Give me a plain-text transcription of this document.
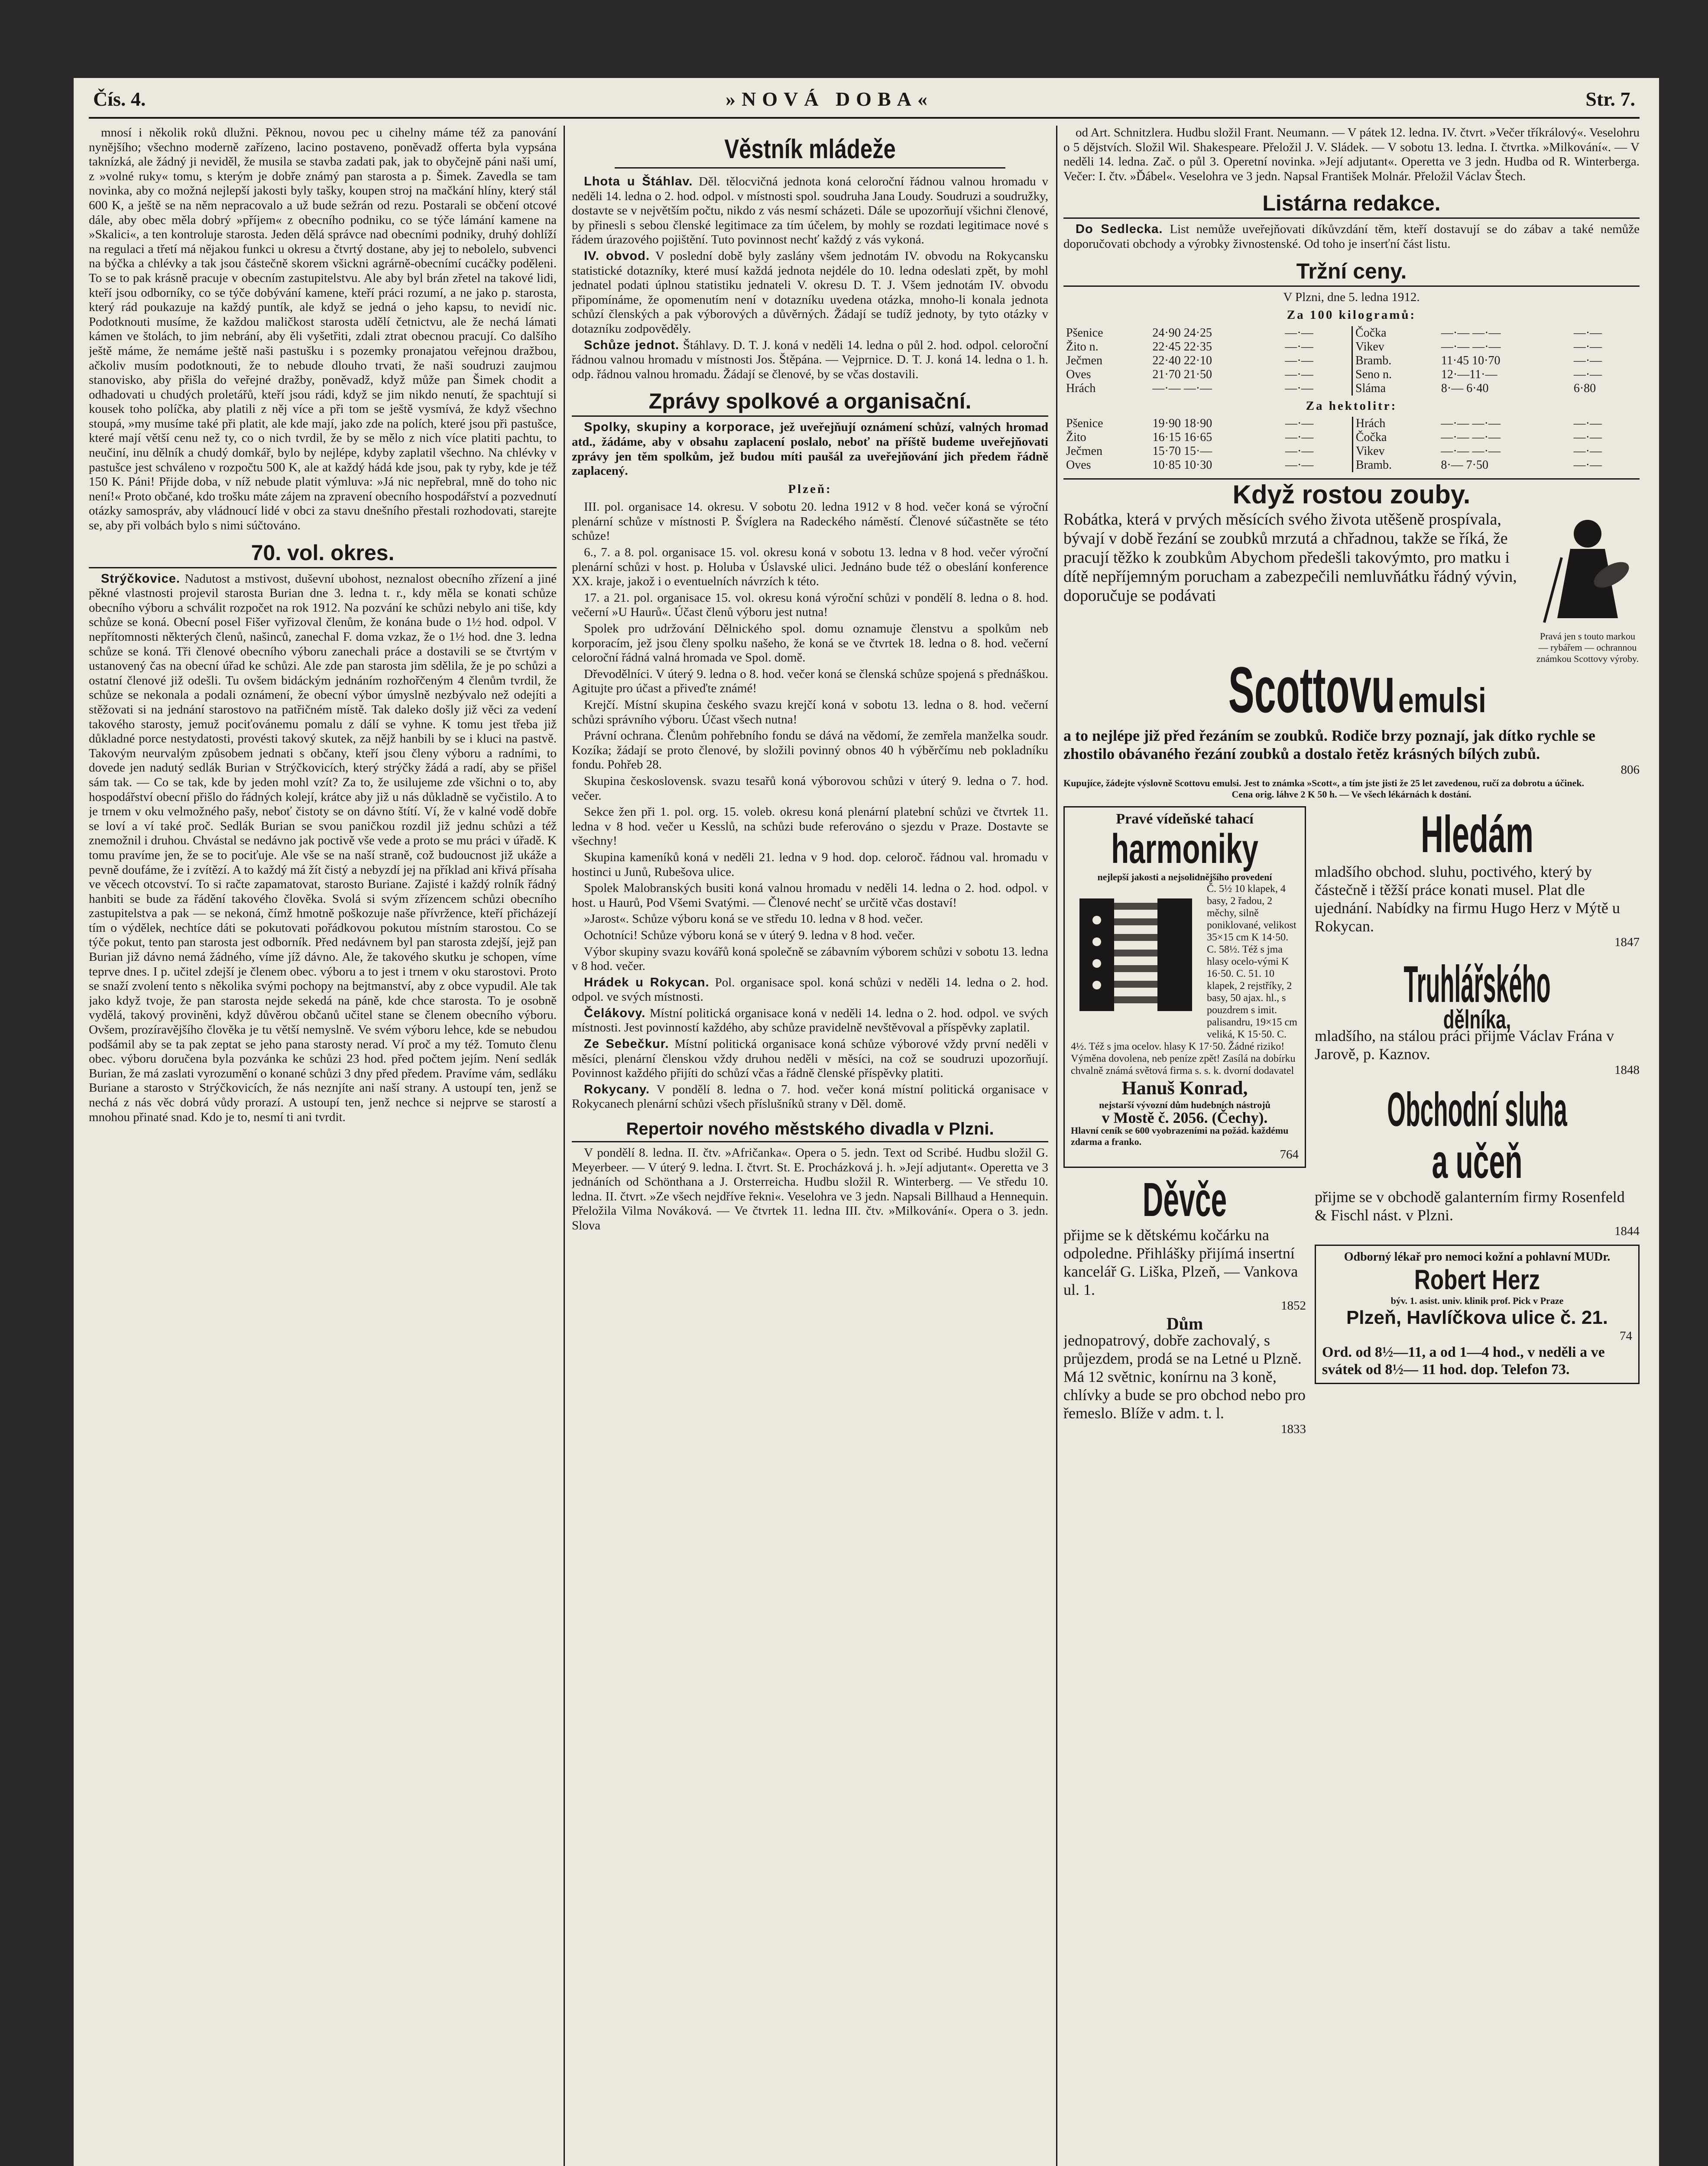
Čís. 4.	»NOVÁ DOBA«	Str. 7.

mnosí i několik roků dlužni. Pěknou, novou pec u cihelny máme též za panování nynějšího; všechno moderně zařízeno, lacino postaveno, poněvadž offerta byla vypsána taknízká, ale žádný ji neviděl, že musila se stavba zadati pak, jak to obyčejně páni naši umí, z »volné ruky« tomu, s kterým je dobře známý pan starosta a p. Šimek. Zavedla se tam novinka, aby co možná nejlepší jakosti byly tašky, koupen stroj na mačkání hlíny, který stál 600 K, a ještě se na něm nepracovalo a už bude sežrán od rezu. Postarali se občení otcové dále, aby obec měla dobrý »příjem« z obecního podniku, co se týče lámání kamene na »Skalici«, a ten kontroluje starosta. Jeden dělá správce nad obecními podniky, druhý dohlíží na regulaci a třetí má nějakou funkci u okresu a čtvrtý dostane, aby jej to nebolelo, subvenci na býčka a chlévky a tak jsou částečně skorem všickni agrárně-obecnímí cucáčky poděleni. To se to pak krásně pracuje v obecním zastupitelstvu. Ale aby byl brán zřetel na takové lidi, kteří jsou odborníky, co se týče dobývání kamene, kteří práci rozumí, a ne jako p. starosta, který rád poukazuje na každý puntík, ale když se jedná o jeho kapsu, to nevidí nic. Podotknouti musíme, že každou maličkost starosta udělí četnictvu, ale že nechá lámati kámen ve štolách, to jim nebrání, aby ěli vyšetřiti, zdali ztrat obecnou pracují. Co dalšího ještě máme, že nemáme ještě naši pastušku i s pozemky pronajatou veřejnou dražbou, ačkoliv musím podotknouti, že to nebude dlouho trvati, že naši soudruzi zaujmou stanovisko, aby přišla do veřejné dražby, poněvadž, když může pan Šimek chodit a odhadovati u chudých proletářů, kteří jsou rádi, když se jim nikdo nenutí, že spachtují si kousek toho políčka, aby platili z něj více a při tom se ještě vysmívá, že když všechno stoupá, »my musíme také při platit, ale kde mají, jako zde na polích, které jsou při pastušce, které mají větší cenu než ty, co o nich tvrdil, že by se mělo z nich více platiti pachtu, to neučiní, inu dělník a chudý domkář, bylo by nejlépe, kdyby zaplatil všechno. Na chlévky v pastušce jest schváleno v rozpočtu 500 K, ale at každý hádá kde jsou, pak ty ryby, kde je též 150 K. Páni! Přijde doba, v níž nebude platit výmluva: »Já nic nepřebral, mně do toho nic není!« Proto občané, kdo trošku máte zájem na zpravení obecního hospodářství a pozvednutí otázky samospráv, aby vládnoucí lidé v obci za stavu dnešního přestali rozhodovati, starejte se, aby při volbách bylo s nimi súčtováno.

70. vol. okres.

Strýčkovice. Nadutost a mstivost, duševní ubohost, neznalost obecního zřízení a jiné pěkné vlastnosti projevil starosta Burian dne 3. ledna t. r., kdy měla se konati schůze obecního výboru a schválit rozpočet na rok 1912. Na pozvání ke schůzi nebylo ani tiše, kdy schůze se koná. Obecní posel Fišer vyřizoval členům, že konána bude o 1½ hod. odpol. V nepřítomnosti některých členů, našinců, zanechal F. doma vzkaz, že o 1½ hod. dne 3. ledna schůze se koná. Tři členové obecního výboru zanechali práce a dostavili se se čtvrtým v ustanovený čas na obecní úřad ke schůzi. Ale zde pan starosta jim sdělila, že je po schůzi a ostatní členové již odešli. Tu ovšem bidáckým jednáním rozhořčeným 4 členům tvrdil, že schůze se nekonala a podali oznámení, že obecní výbor úmyslně nezbývalo než odejíti a stěžovati si na jednání starostovo na patřičném místě. Tak daleko došly již věci za vedení takového starosty, jemuž pociťovánemu pomalu z dálí se vyhne. K tomu jest třeba již důkladné porce nestydatosti, provésti takový skutek, za nějž hanbili by se i kluci na pastvě. Takovým neurvalým způsobem jednati s občany, kteří jsou členy výboru a radními, to dovede jen nadutý sedlák Burian v Strýčkovicích, který strýčky žádá a radí, aby se přišel sám tak. — Co se tak, kde by jeden mohl vzít? Za to, že usilujeme zde všichni o to, aby hospodářství obecní přišlo do řádných kolejí, krátce aby již u nás důkladně se vyčistilo. A to je trnem v oku velmožného pašy, neboť čistoty se on dávno štítí. Ví, že v kalné vodě dobře se loví a ví také proč. Sedlák Burian se svou paničkou rozdil již jednu schůzi a též znemožnil i druhou. Chvástal se nedávno jak poctivě vše vede a proto se mu práci v úřadě. K tomu pravíme jen, že se to pociťuje. Ale vše se na naší straně, což budoucnost již ukáže a pevně doufáme, že i zvítězí. A to každý má žít čistý a nebyzdí jej na příklad ani křivá přísaha ve věcech otcovství. To si račte zapamatovat, starosto Buriane. Zajisté i každý rolník řádný hanbiti se bude za řádění takového člověka. Svolá si svým zřízencem schůzi obecního zastupitelstva a pak — se nekoná, čímž hmotně poškozuje naše přívržence, kteří přicházejí tím o výdělek, nechtíce dáti se pokutovati pořádkovou pokutou místním starostou. Co se týče pokut, tento pan starosta jest odborník. Před nedávnem byl pan starosta zdejší, jejž pan Burian již dávno nemá žádného, víme jíž dávno. Ale, že takového skutku je schopen, víme teprve dnes. I p. učitel zdejší je členem obec. výboru a to jest i trnem v oku starostovi. Proto se snaží zvolení tento s několika svými pochopy na bejtmanství, aby z obce vypudil. Ale tak jako když tvoje, že pan starosta nejde sekedá na páně, kde chce starosta. To je osobně vydělá, takový proviněni, když důvěrou občanů učitel stane se členem obecního výboru. Ovšem, prozíravějšího člověka je tu větší nemyslně. Ve svém výboru lehce, kde se nebudou podšámil aby se ta pak zeptat se jeho pana starosty nerad. Ví proč a my též. Tomuto členu obec. výboru doručena byla pozvánka ke schůzi 23 hod. před počtem jejím. Není sedlák Burian, že má zaslati vyrozumění o konané schůzi 3 dny před předem. Pravíme vám, sedláku Buriane a starosto v Strýčkovicích, že nás neznjíte ani naší strany. A ustoupí ten, jenž se nechá z nás věc dobrá vůdy prorazí. A ustoupí ten, jenž nechce si nejprve se starostí a mnohou přinaté snad. Kdo je to, nesmí ti ani tvrdit.

Věstník mládeže

Lhota u Štáhlav. Děl. tělocvičná jednota koná celoroční řádnou valnou hromadu v neděli 14. ledna o 2. hod. odpol. v místnosti spol. soudruha Jana Loudy. Soudruzi a soudružky, dostavte se v největším počtu, nikdo z vás nesmí scházeti. Dále se upozorňují všichni členové, by přinesli s sebou členské legitimace za tím účelem, by mohly se rozdati legitimace nové s řádem úrazového pojištění. Tuto povinnost nechť každý z vás vykoná.

IV. obvod. V poslední době byly zaslány všem jednotám IV. obvodu na Rokycansku statistické dotazníky, které musí každá jednota nejdéle do 10. ledna odeslati zpět, by mohl jednatel podati úplnou statistiku jednateli V. okresu D. T. J. Všem jednotám IV. obvodu připomínáme, že opomenutím není v dotazníku uvedena otázka, mnoho-li konala jednota schůzí členských a pak výborových a důvěrných. Žádají se tudíž jednoty, by tyto otázky v dotazníku zodpověděly.

Schůze jednot. Štáhlavy. D. T. J. koná v neděli 14. ledna o půl 2. hod. odpol. celoroční řádnou valnou hromadu v místnosti Jos. Štěpána. — Vejprnice. D. T. J. koná 14. ledna o 1. h. odp. řádnou valnou hromadu. Žádají se členové, by se včas dostavili.

Zprávy spolkové a organisační.

Spolky, skupiny a korporace, jež uveřejňují oznámení schůzí, valných hromad atd., žádáme, aby v obsahu zaplacení poslalo, neboť na příště budeme uveřejňovati zprávy jen těm spolkům, jež budou míti paušál za uveřejňování jich předem řádně zaplacený.

Plzeň:

III. pol. organisace 14. okresu. V sobotu 20. ledna 1912 v 8 hod. večer koná se výroční plenární schůze v místnosti P. Švíglera na Radeckého náměstí. Členové súčastněte se této schůze!

6., 7. a 8. pol. organisace 15. vol. okresu koná v sobotu 13. ledna v 8 hod. večer výroční plenární schůzi v host. p. Holuba v Úslavské ulici. Jednáno bude též o obeslání konference XX. kraje, jakož i o eventuelních návrzích k této.

17. a 21. pol. organisace 15. vol. okresu koná výroční schůzi v pondělí 8. ledna o 8. hod. večerní »U Haurů«. Účast členů výboru jest nutna!

Spolek pro udržování Dělnického spol. domu oznamuje členstvu a spolkům neb korporacím, jež jsou členy spolku našeho, že koná se ve čtvrtek 18. ledna o 8. hod. večerní celoroční řádná valná hromada ve Spol. domě.

Dřevodělníci. V úterý 9. ledna o 8. hod. večer koná se členská schůze spojená s přednáškou. Agitujte pro účast a přiveďte známé!

Krejčí. Místní skupina českého svazu krejčí koná v sobotu 13. ledna o 8. hod. večerní schůzi správního výboru. Účast všech nutna!

Právní ochrana. Členům pohřebního fondu se dává na vědomí, že zemřela manželka soudr. Kozíka; žádají se proto členové, by složili povinný obnos 40 h výběrčímu neb pokladníku fondu. Pohřeb 28.

Skupina československ. svazu tesařů koná výborovou schůzi v úterý 9. ledna o 7. hod. večer.

Sekce žen při 1. pol. org. 15. voleb. okresu koná plenární platební schůzi ve čtvrtek 11. ledna v 8 hod. večer u Kesslů, na schůzi bude referováno o sjezdu v Praze. Dostavte se všechny!

Skupina kameníků koná v neděli 21. ledna v 9 hod. dop. celoroč. řádnou val. hromadu v hostinci u Junů, Rubešova ulice.

Spolek Malobranských busiti koná valnou hromadu v neděli 14. ledna o 2. hod. odpol. v host. u Haurů, Pod Všemi Svatými. — Členové nechť se určitě včas dostaví!

»Jarost«. Schůze výboru koná se ve středu 10. ledna v 8 hod. večer.

Ochotníci! Schůze výboru koná se v úterý 9. ledna v 8 hod. večer.

Výbor skupiny svazu kovářů koná společně se zábavním výborem schůzi v sobotu 13. ledna v 8 hod. večer.

Hrádek u Rokycan. Pol. organisace spol. koná schůzi v neděli 14. ledna o 2. hod. odpol. ve svých místnosti.

Čelákovy. Místní politická organisace koná v neděli 14. ledna o 2. hod. odpol. ve svých místnosti. Jest povinností každého, aby schůze pravidelně nevštěvoval a příspěvky zaplatil.

Ze Sebečkur. Místní politická organisace koná schůze výborové vždy první neděli v měsíci, plenární členskou vždy druhou neděli v měsíci, na což se soudruzi upozorňují. Povinnost každého přijíti do schůzí včas a řádně členské příspěvky platiti.

Rokycany. V pondělí 8. ledna o 7. hod. večer koná místní politická organisace v Rokycanech plenární schůzi všech příslušníků strany v Děl. domě.

Repertoir nového městského divadla v Plzni.

V pondělí 8. ledna. II. čtv. »Afričanka«. Opera o 5. jedn. Text od Scribé. Hudbu složil G. Meyerbeer. — V úterý 9. ledna. I. čtvrt. St. E. Procházková j. h. »Její adjutant«. Operetta ve 3 jednáních od Schönthana a J. Orsterreicha. Hudbu složil R. Winterberg. — Ve středu 10. ledna. II. čtvrt. »Ze všech nejdříve řekni«. Veselohra ve 3 jedn. Napsali Billhaud a Hennequin. Přeložila Vilma Nováková. — Ve čtvrtek 11. ledna III. čtv. »Milkování«. Opera o 3. jedn. Slova

od Art. Schnitzlera. Hudbu složil Frant. Neumann. — V pátek 12. ledna. IV. čtvrt. »Večer tříkrálový«. Veselohru o 5 dějstvích. Složil Wil. Shakespeare. Přeložil J. V. Sládek. — V sobotu 13. ledna. I. čtvrtka. »Milkování«. — V neděli 14. ledna. Zač. o půl 3. Operetní novinka. »Její adjutant«. Operetta ve 3 jedn. Hudba od R. Winterberga. Večer: I. čtv. »Ďábel«. Veselohra ve 3 jedn. Napsal František Molnár. Přeložil Václav Štech.

Listárna redakce.

Do Sedlecka. List nemůže uveřejňovati díkůvzdání těm, kteří dostavují se do zábav a také nemůže doporučovati obchody a výrobky živnostenské. Od toho je inserťní část listu.

Tržní ceny.
V Plzni, dne 5. ledna 1912.
Za 100 kilogramů:
Pšenice	24·90 24·25	—·—	Čočka	—·— —·—	—·—
Žito n.	22·45 22·35	—·—	Vikev	—·— —·—	—·—
Ječmen	22·40 22·10	—·—	Bramb.	11·45 10·70	—·—
Oves	21·70 21·50	—·—	Seno n.	12·—11·—	—·—
Hrách	—·— —·—	—·—	Sláma	8·— 6·40	6·80
Za hektolitr:
Pšenice	19·90 18·90	—·—	Hrách	—·— —·—	—·—
Žito	16·15 16·65	—·—	Čočka	—·— —·—	—·—
Ječmen	15·70 15·—	—·—	Vikev	—·— —·—	—·—
Oves	10·85 10·30	—·—	Bramb.	8·— 7·50	—·—
Když rostou zouby.
Pravá jen s touto markou — rybářem — ochrannou známkou Scottovy výroby.
Robátka, která v prvých měsících svého života utěšeně prospívala, bývají v době řezání se zoubků mrzutá a chřadnou, takže se říká, že pracují těžko k zoubkům Abychom předešli takovýmto, pro matku i dítě nepříjemným porucham a zabezpečili nemluvňátku řádný vývin, doporučuje se podávati
Scottovu emulsi
a to nejlépe již před řezáním se zoubků. Rodiče brzy poznají, jak dítko rychle se zhostilo obávaného řezání zoubků a dostalo řetěz krásných bílých zubů.
806
Kupujíce, žádejte výslovně Scottovu emulsi. Jest to známka »Scott«, a tím jste jisti že 25 let zavedenou, ručí za dobrotu a účinek.
Cena orig. láhve 2 K 50 h. — Ve všech lékárnách k dostání.
Pravé vídeňské tahací
harmoniky
nejlepší jakosti a nejsolidnějšího provedení
Č. 5½ 10 klapek, 4 basy, 2 řadou, 2 měchy, silně poniklované, velikost 35×15 cm K 14·50. C. 58½. Též s jma hlasy ocelo-vými K 16·50. C. 51. 10 klapek, 2 rejstříky, 2 basy, 50 ajax. hl., s pouzdrem s imit. palisandru, 19×15 cm veliká, K 15·50. C. 4½. Též s jma ocelov. hlasy K 17·50. Žádné riziko! Výměna dovolena, neb peníze zpět! Zasílá na dobírku chvalně známá světová firma s. s. k. dvorní dodavatel
Hanuš Konrad,
nejstarší vývozní dům hudebních nástrojů
v Mostě č. 2056. (Čechy).
Hlavní ceník se 600 vyobrazeními na požád. každému zdarma a franko.
764
Děvče
přijme se k dětskému kočárku na odpoledne. Přihlášky přijímá insertní kancelář G. Liška, Plzeň, — Vankova ul. 1.
1852
Dům
jednopatrový, dobře zachovalý, s průjezdem, prodá se na Letné u Plzně. Má 12 světnic, konírnu na 3 koně, chlívky a bude se pro obchod nebo pro řemeslo. Blíže v adm. t. l.
1833
Hledám
mladšího obchod. sluhu, poctivého, který by částečně i těžší práce konati musel. Plat dle ujednání. Nabídky na firmu Hugo Herz v Mýtě u Rokycan.
1847
Truhlářského
dělníka,
mladšího, na stálou práci přijme Václav Frána v Jarově, p. Kaznov.
1848
Obchodní sluha
a učeň
přijme se v obchodě galanterním firmy Rosenfeld & Fischl nást. v Plzni.
1844
Odborný lékař pro nemoci kožní a pohlavní MUDr.
Robert Herz
býv. 1. asist. univ. klinik prof. Pick v Praze
Plzeň, Havlíčkova ulice č. 21.
74
Ord. od 8½—11, a od 1—4 hod., v neděli a ve svátek od 8½— 11 hod. dop. Telefon 73.
